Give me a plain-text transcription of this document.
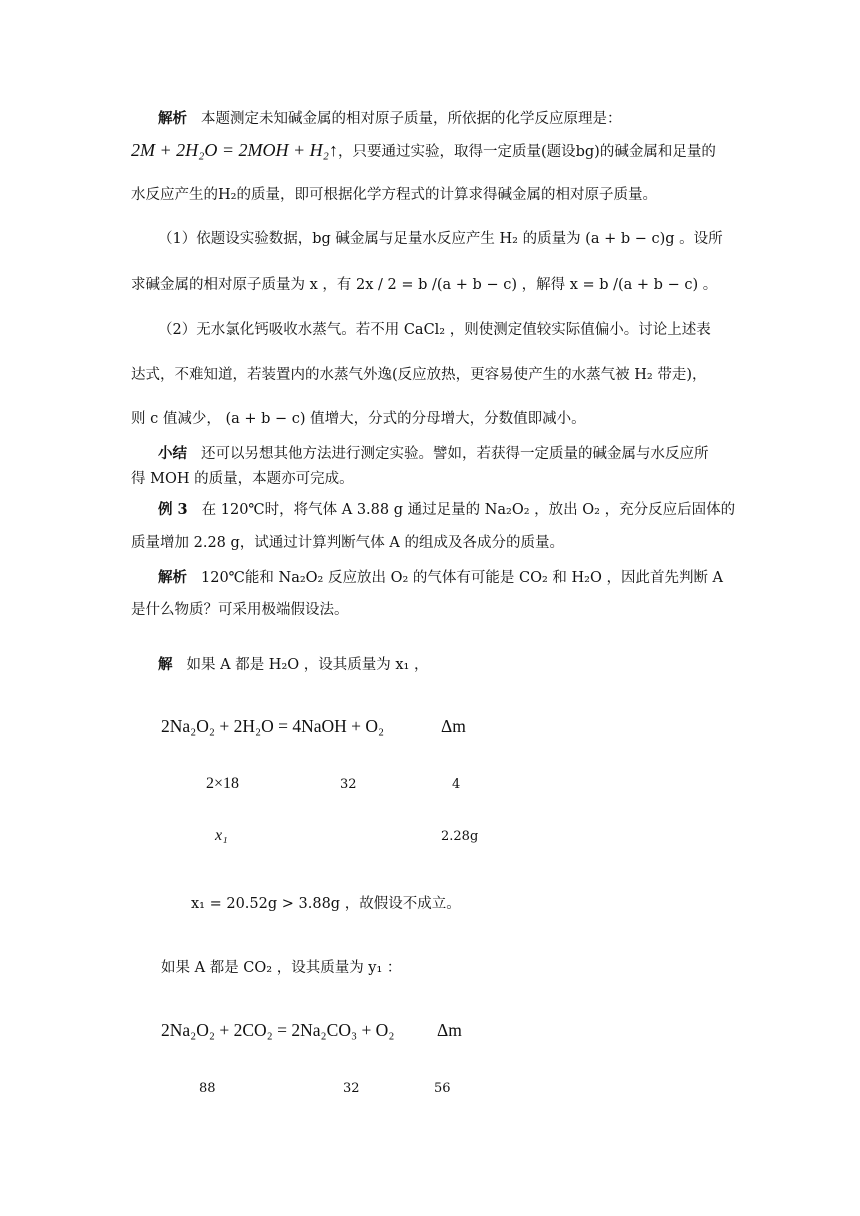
解析 本题测定未知碱金属的相对原子质量，所依据的化学反应原理是：
2M + 2H₂O = 2MOH + H₂↑，只要通过实验，取得一定质量(题设bg)的碱金属和足量的
水反应产生的H₂的质量，即可根据化学方程式的计算求得碱金属的相对原子质量。
（1）依题设实验数据，bg 碱金属与足量水反应产生 H₂ 的质量为 (a + b − c)g 。设所
求碱金属的相对原子质量为 x ，有 2x / 2 = b /(a + b − c) ，解得 x = b /(a + b − c) 。
（2）无水氯化钙吸收水蒸气。若不用 CaCl₂ ，则使测定值较实际值偏小。讨论上述表
达式，不难知道，若装置内的水蒸气外逸(反应放热，更容易使产生的水蒸气被 H₂ 带走)，
则 c 值减少， (a + b − c) 值增大，分式的分母增大，分数值即减小。
小结 还可以另想其他方法进行测定实验。譬如，若获得一定质量的碱金属与水反应所
得 MOH 的质量，本题亦可完成。
例 3 在 120℃时，将气体 A 3.88 g 通过足量的 Na₂O₂ ，放出 O₂ ，充分反应后固体的
质量增加 2.28 g，试通过计算判断气体 A 的组成及各成分的质量。
解析 120℃能和 Na₂O₂ 反应放出 O₂ 的气体有可能是 CO₂ 和 H₂O ，因此首先判断 A
是什么物质？可采用极端假设法。
解 如果 A 都是 H₂O ，设其质量为 x₁ ，
2Na₂O₂ + 2H₂O = 4NaOH + O₂	Δm
2×18	32	4
x₁	2.28g
x₁ = 20.52g > 3.88g ，故假设不成立。
如果 A 都是 CO₂ ，设其质量为 y₁ ：
2Na₂O₂ + 2CO₂ = 2Na₂CO₃ + O₂ Δm
88	32	56
